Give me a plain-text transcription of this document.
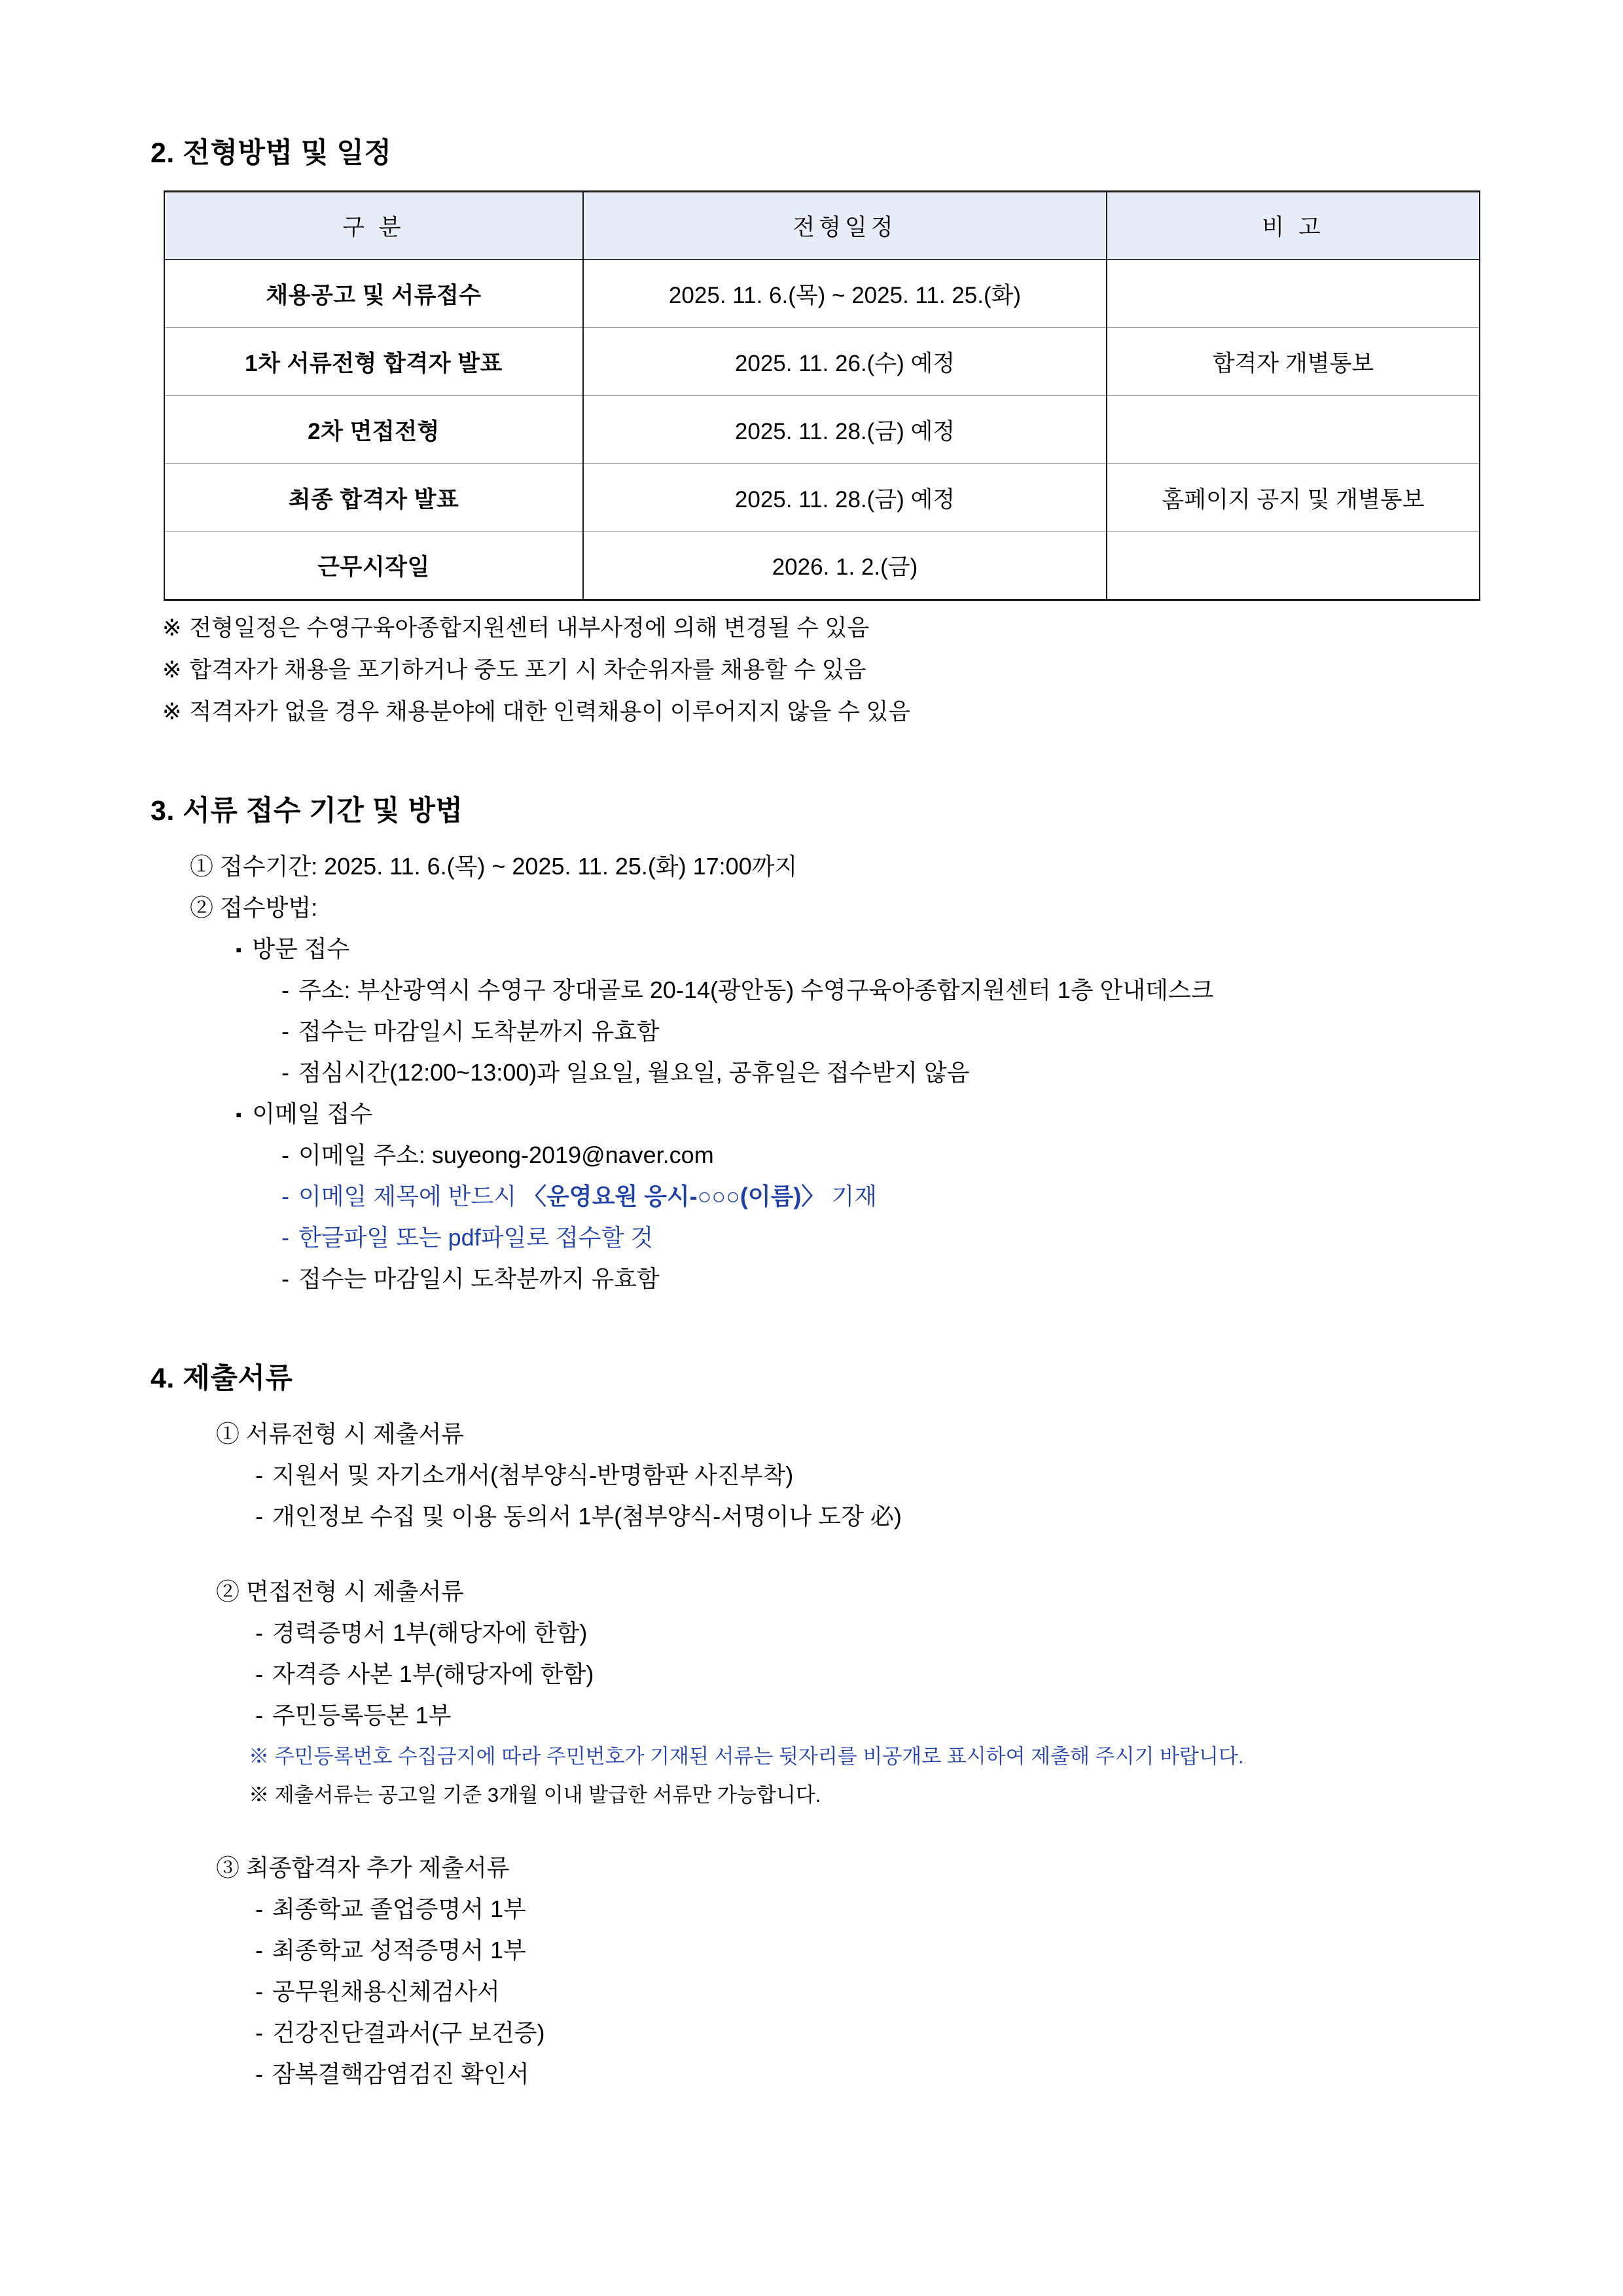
2. 전형방법 및 일정
구 분	전형일정	비 고
채용공고 및 서류접수	2025. 11. 6.(목) ~ 2025. 11. 25.(화)	
1차 서류전형 합격자 발표	2025. 11. 26.(수) 예정	합격자 개별통보
2차 면접전형	2025. 11. 28.(금) 예정	
최종 합격자 발표	2025. 11. 28.(금) 예정	홈페이지 공지 및 개별통보
근무시작일	2026. 1. 2.(금)	
※ 전형일정은 수영구육아종합지원센터 내부사정에 의해 변경될 수 있음
※ 합격자가 채용을 포기하거나 중도 포기 시 차순위자를 채용할 수 있음
※ 적격자가 없을 경우 채용분야에 대한 인력채용이 이루어지지 않을 수 있음
3. 서류 접수 기간 및 방법
① 접수기간: 2025. 11. 6.(목) ~ 2025. 11. 25.(화) 17:00까지
② 접수방법:
▪ 방문 접수
- 주소: 부산광역시 수영구 장대골로 20-14(광안동) 수영구육아종합지원센터 1층 안내데스크
- 접수는 마감일시 도착분까지 유효함
- 점심시간(12:00~13:00)과 일요일, 월요일, 공휴일은 접수받지 않음
▪ 이메일 접수
- 이메일 주소: suyeong-2019@naver.com
- 이메일 제목에 반드시 〈운영요원 응시-○○○(이름)〉 기재
- 한글파일 또는 pdf파일로 접수할 것
- 접수는 마감일시 도착분까지 유효함
4. 제출서류
① 서류전형 시 제출서류
- 지원서 및 자기소개서(첨부양식-반명함판 사진부착)
- 개인정보 수집 및 이용 동의서 1부(첨부양식-서명이나 도장 必)
② 면접전형 시 제출서류
- 경력증명서 1부(해당자에 한함)
- 자격증 사본 1부(해당자에 한함)
- 주민등록등본 1부
※ 주민등록번호 수집금지에 따라 주민번호가 기재된 서류는 뒷자리를 비공개로 표시하여 제출해 주시기 바랍니다.
※ 제출서류는 공고일 기준 3개월 이내 발급한 서류만 가능합니다.
③ 최종합격자 추가 제출서류
- 최종학교 졸업증명서 1부
- 최종학교 성적증명서 1부
- 공무원채용신체검사서
- 건강진단결과서(구 보건증)
- 잠복결핵감염검진 확인서
